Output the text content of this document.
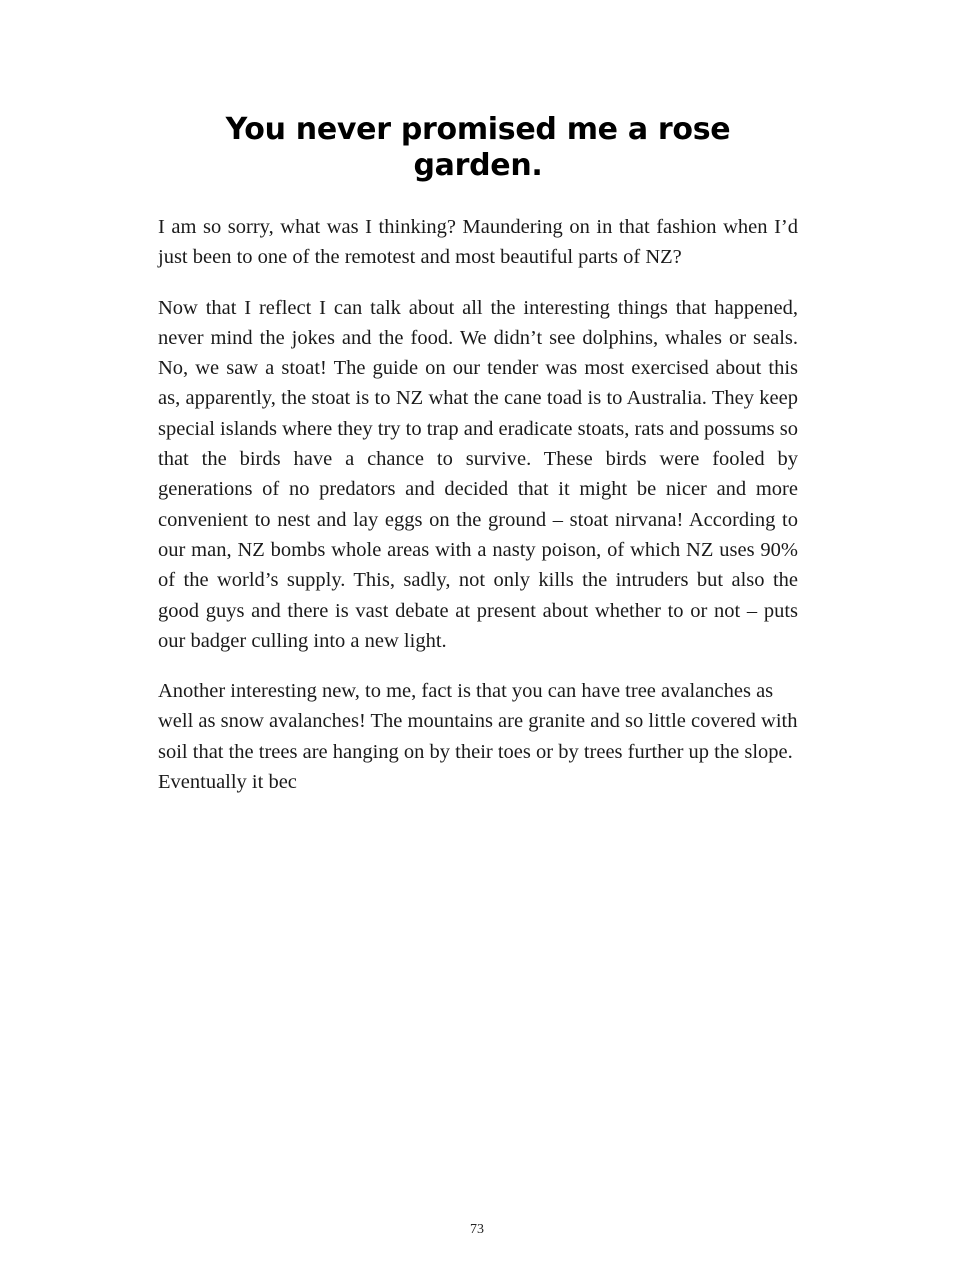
You never promised me a rose garden.

I am so sorry, what was I thinking? Maundering on in that fashion when I’d just been to one of the remotest and most beautiful parts of NZ?

Now that I reflect I can talk about all the interesting things that happened, never mind the jokes and the food. We didn’t see dolphins, whales or seals. No, we saw a stoat! The guide on our tender was most exercised about this as, apparently, the stoat is to NZ what the cane toad is to Australia. They keep special islands where they try to trap and eradicate stoats, rats and possums so that the birds have a chance to survive. These birds were fooled by generations of no predators and decided that it might be nicer and more convenient to nest and lay eggs on the ground – stoat nirvana! According to our man, NZ bombs whole areas with a nasty poison, of which NZ uses 90% of the world’s supply. This, sadly, not only kills the intruders but also the good guys and there is vast debate at present about whether to or not – puts our badger culling into a new light.

Another interesting new, to me, fact is that you can have tree avalanches as well as snow avalanches! The mountains are granite and so little covered with soil that the trees are hanging on by their toes or by trees further up the slope. Eventually it bec

73
